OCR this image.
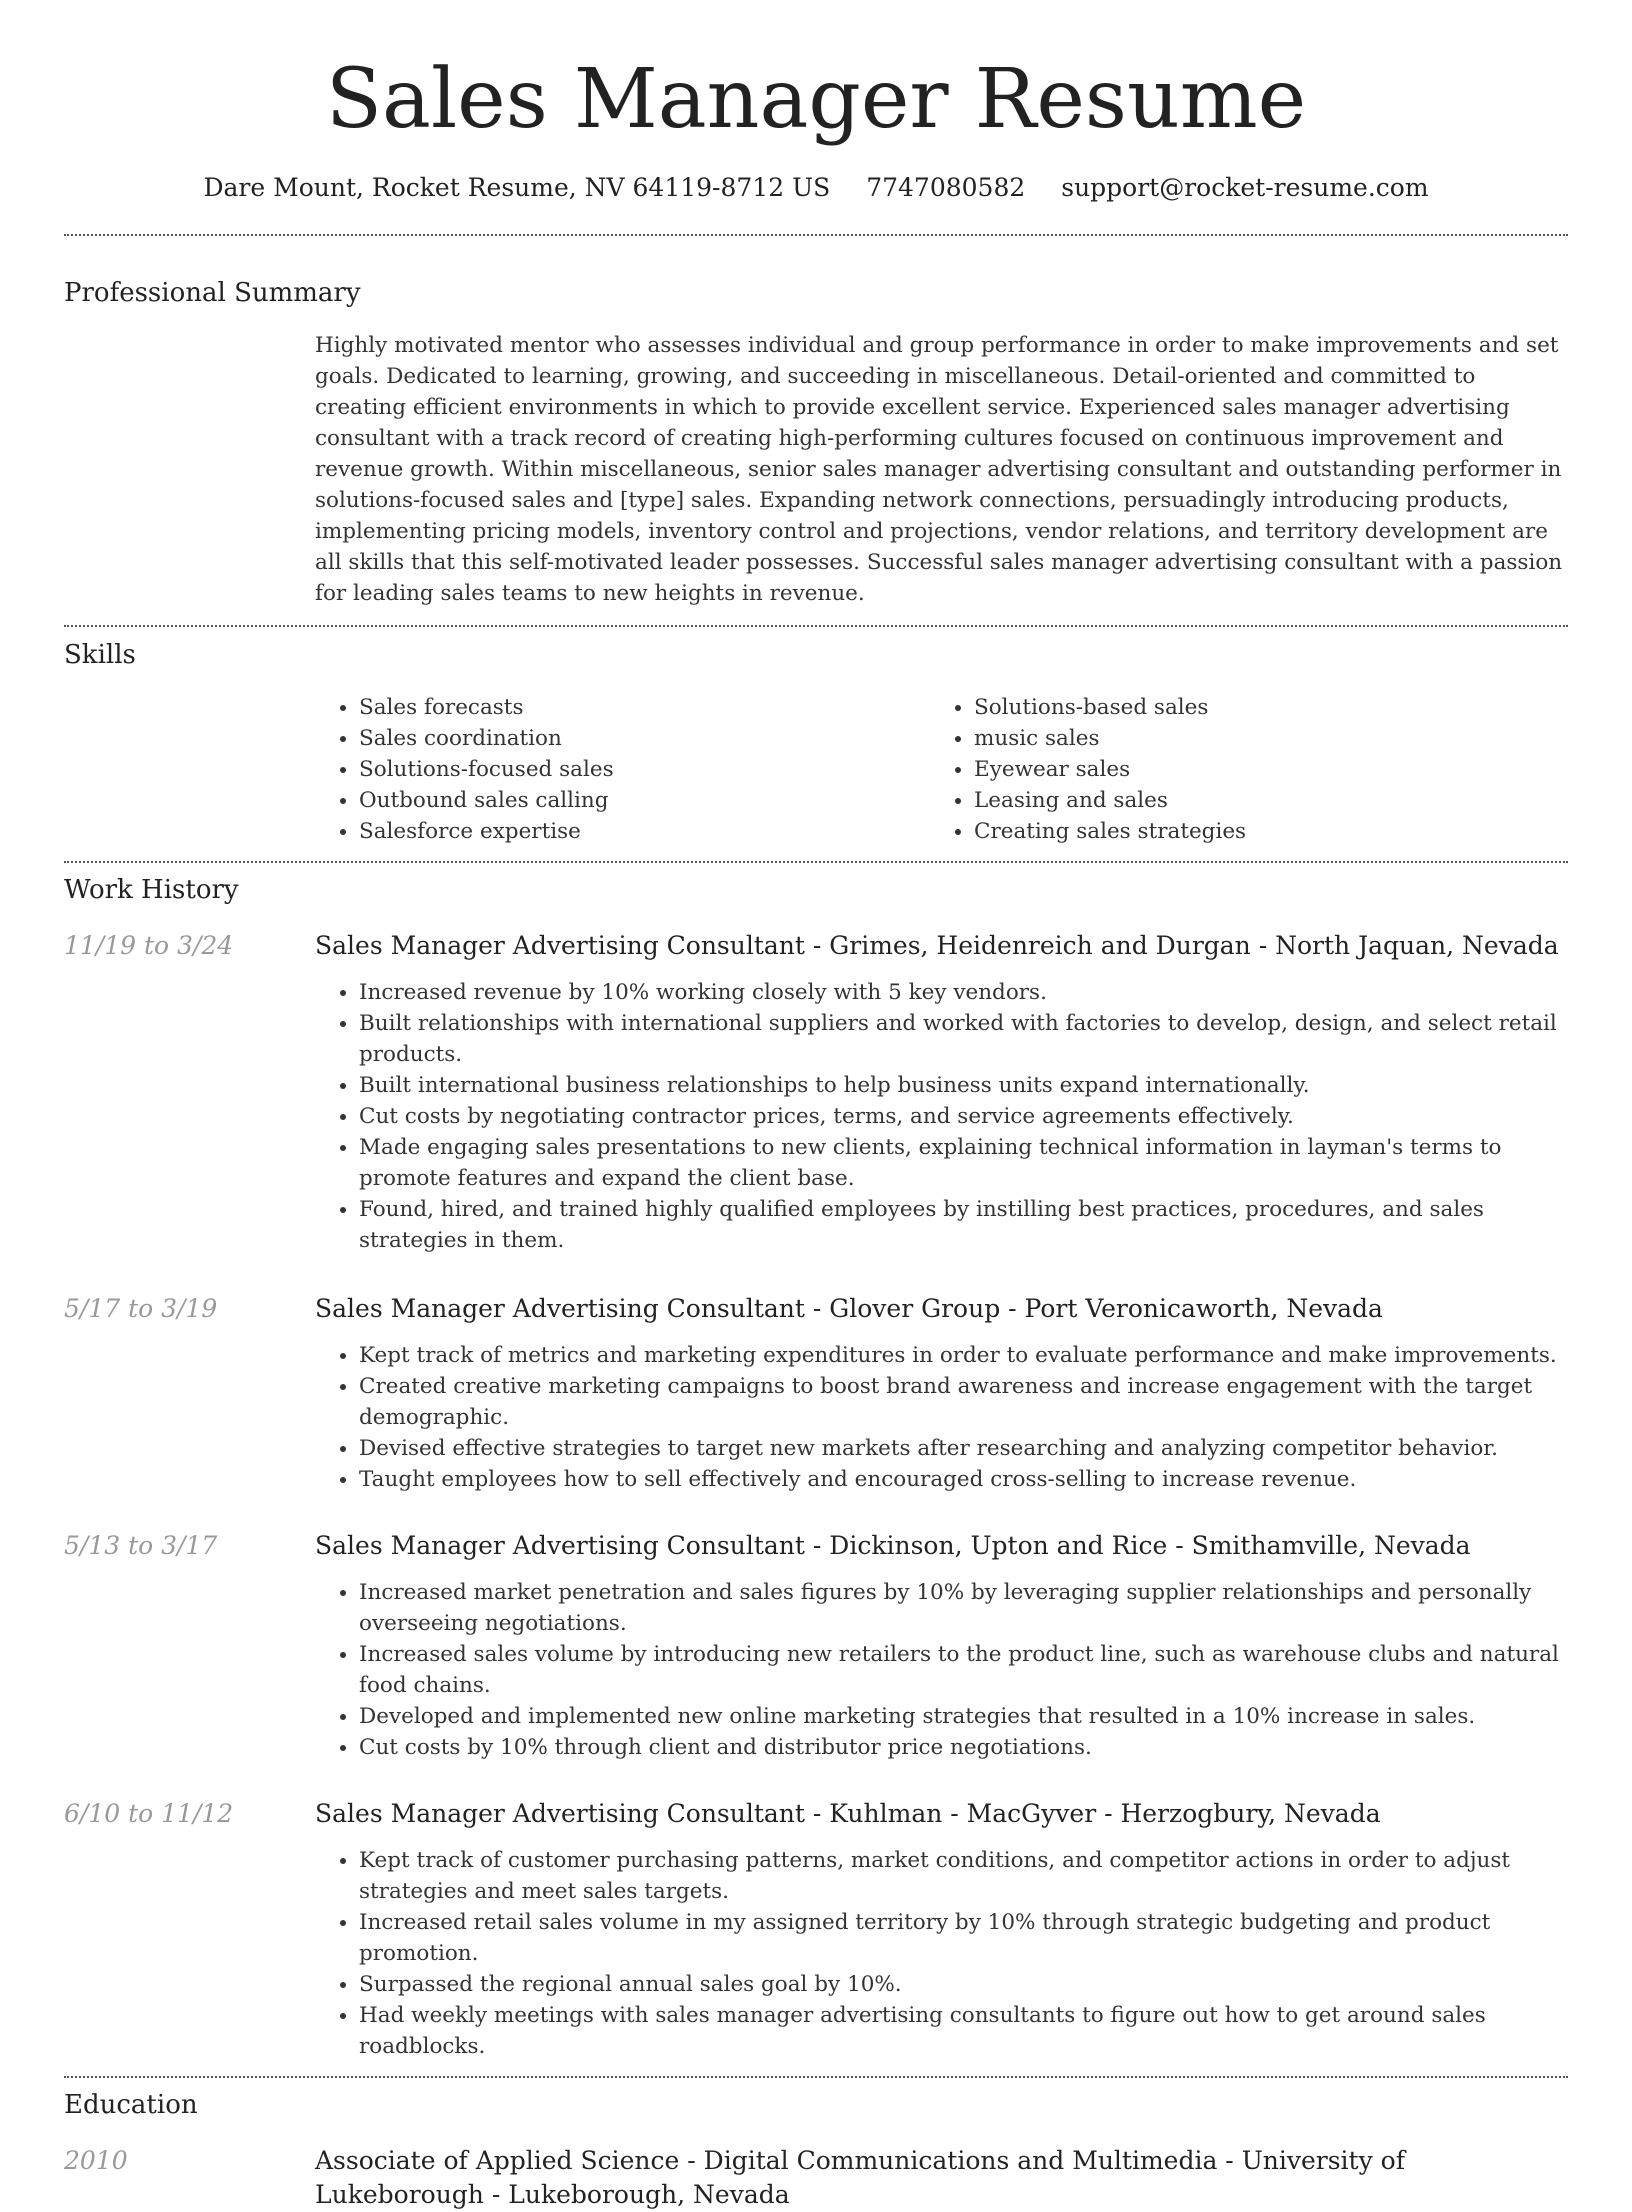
Sales Manager Resume
Dare Mount, Rocket Resume, NV 64119-8712 US 7747080582 support@rocket-resume.com
Professional Summary
Highly motivated mentor who assesses individual and group performance in order to make improvements and set goals. Dedicated to learning, growing, and succeeding in miscellaneous. Detail-oriented and committed to creating efficient environments in which to provide excellent service. Experienced sales manager advertising consultant with a track record of creating high-performing cultures focused on continuous improvement and revenue growth. Within miscellaneous, senior sales manager advertising consultant and outstanding performer in solutions-focused sales and [type] sales. Expanding network connections, persuadingly introducing products, implementing pricing models, inventory control and projections, vendor relations, and territory development are all skills that this self-motivated leader possesses. Successful sales manager advertising consultant with a passion for leading sales teams to new heights in revenue.
Skills
• Sales forecasts
• Sales coordination
• Solutions-focused sales
• Outbound sales calling
• Salesforce expertise
• Solutions-based sales
• music sales
• Eyewear sales
• Leasing and sales
• Creating sales strategies
Work History
11/19 to 3/24	Sales Manager Advertising Consultant - Grimes, Heidenreich and Durgan - North Jaquan, Nevada
• Increased revenue by 10% working closely with 5 key vendors.
• Built relationships with international suppliers and worked with factories to develop, design, and select retail products.
• Built international business relationships to help business units expand internationally.
• Cut costs by negotiating contractor prices, terms, and service agreements effectively.
• Made engaging sales presentations to new clients, explaining technical information in layman's terms to promote features and expand the client base.
• Found, hired, and trained highly qualified employees by instilling best practices, procedures, and sales strategies in them.
5/17 to 3/19	Sales Manager Advertising Consultant - Glover Group - Port Veronicaworth, Nevada
• Kept track of metrics and marketing expenditures in order to evaluate performance and make improvements.
• Created creative marketing campaigns to boost brand awareness and increase engagement with the target demographic.
• Devised effective strategies to target new markets after researching and analyzing competitor behavior.
• Taught employees how to sell effectively and encouraged cross-selling to increase revenue.
5/13 to 3/17	Sales Manager Advertising Consultant - Dickinson, Upton and Rice - Smithamville, Nevada
• Increased market penetration and sales figures by 10% by leveraging supplier relationships and personally overseeing negotiations.
• Increased sales volume by introducing new retailers to the product line, such as warehouse clubs and natural food chains.
• Developed and implemented new online marketing strategies that resulted in a 10% increase in sales.
• Cut costs by 10% through client and distributor price negotiations.
6/10 to 11/12	Sales Manager Advertising Consultant - Kuhlman - MacGyver - Herzogbury, Nevada
• Kept track of customer purchasing patterns, market conditions, and competitor actions in order to adjust strategies and meet sales targets.
• Increased retail sales volume in my assigned territory by 10% through strategic budgeting and product promotion.
• Surpassed the regional annual sales goal by 10%.
• Had weekly meetings with sales manager advertising consultants to figure out how to get around sales roadblocks.
Education
2010	Associate of Applied Science - Digital Communications and Multimedia - University of Lukeborough - Lukeborough, Nevada
